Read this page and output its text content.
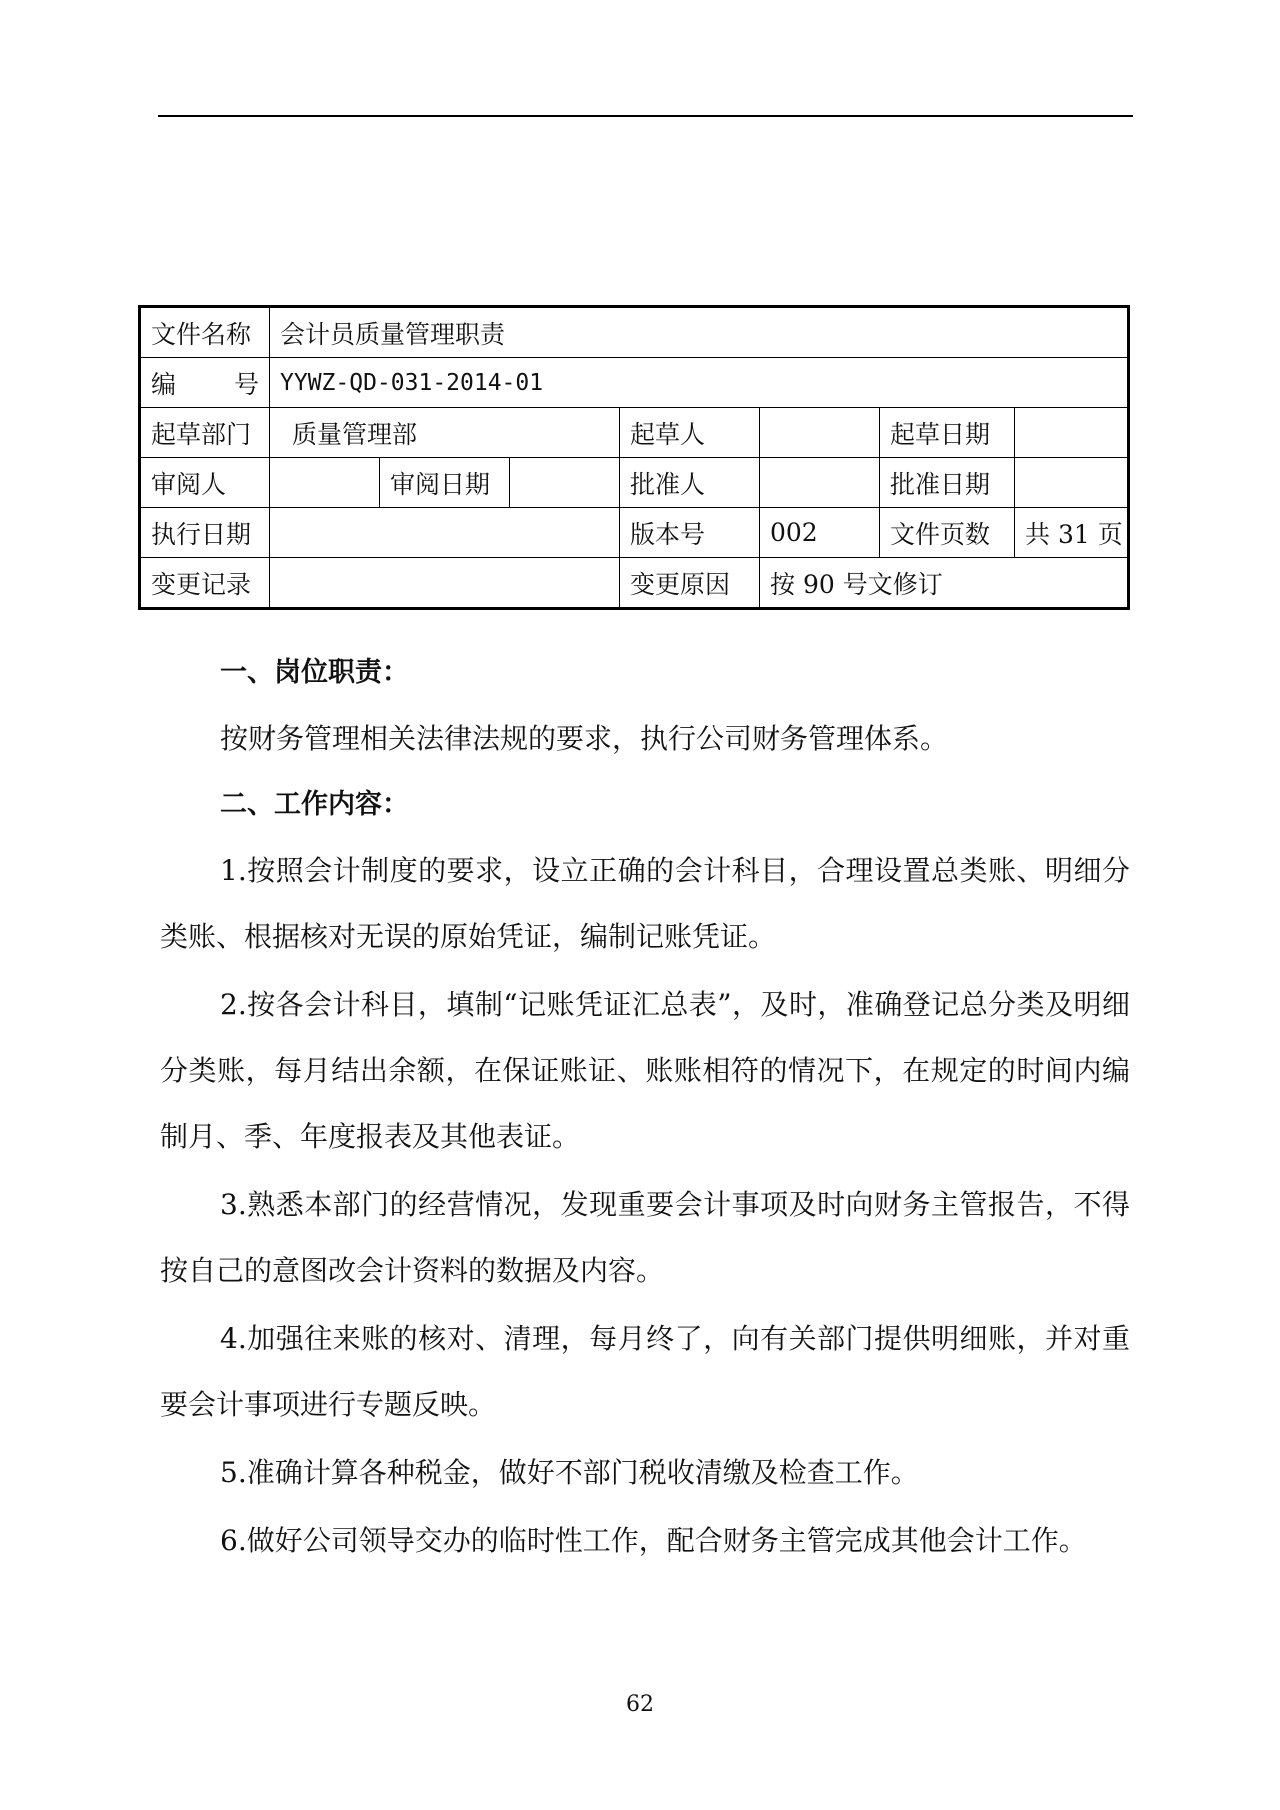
文件名称	会计员质量管理职责						

编 号	YYWZ-QD-031-2014-01						
起草部门	质量管理部			起草人		起草日期	
审阅人		审阅日期		批准人		批准日期	
执行日期				版本号	002	文件页数	共 31 页
变更记录				变更原因	按 90 号文修订		

一、岗位职责：

按财务管理相关法律法规的要求，执行公司财务管理体系。

二、工作内容：

1.按照会计制度的要求，设立正确的会计科目，合理设置总类账、明细分类账、根据核对无误的原始凭证，编制记账凭证。

2.按各会计科目，填制“记账凭证汇总表”，及时，准确登记总分类及明细分类账，每月结出余额，在保证账证、账账相符的情况下，在规定的时间内编制月、季、年度报表及其他表证。

3.熟悉本部门的经营情况，发现重要会计事项及时向财务主管报告，不得按自己的意图改会计资料的数据及内容。

4.加强往来账的核对、清理，每月终了，向有关部门提供明细账，并对重要会计事项进行专题反映。

5.准确计算各种税金，做好不部门税收清缴及检查工作。

6.做好公司领导交办的临时性工作，配合财务主管完成其他会计工作。

62
